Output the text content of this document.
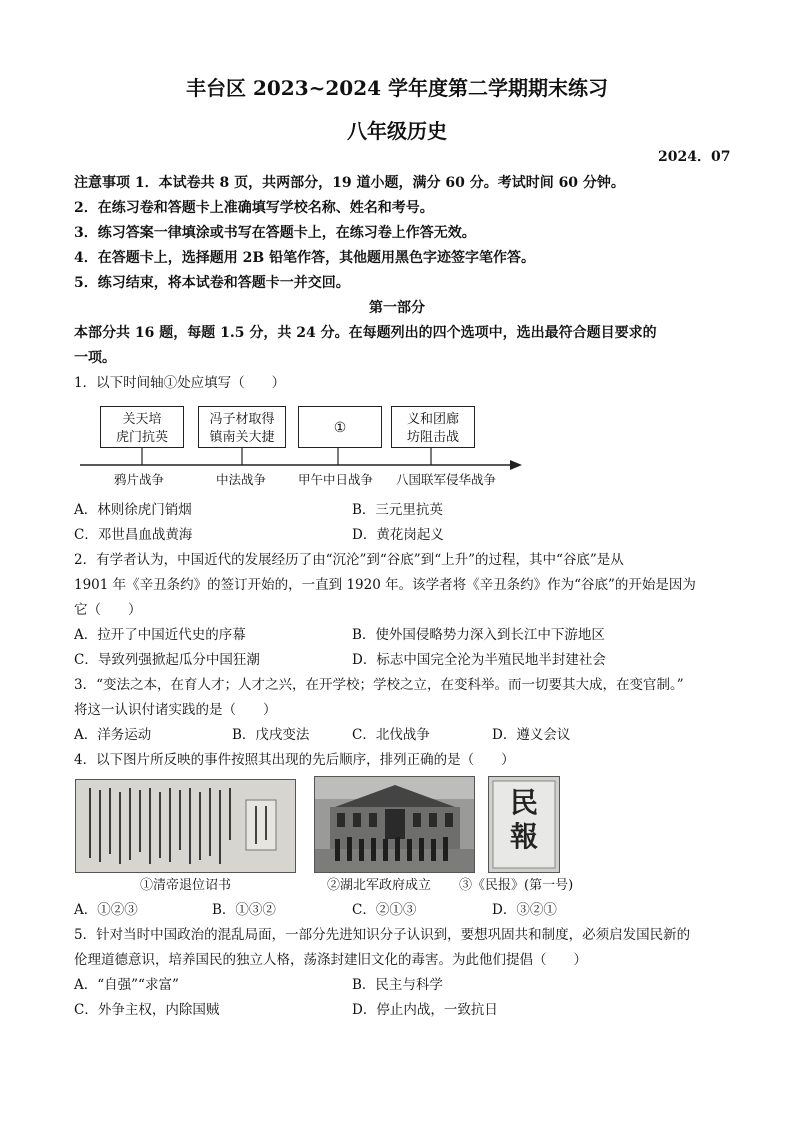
丰台区 2023~2024 学年度第二学期期末练习
八年级历史
2024．07
注意事项 1．本试卷共 8 页，共两部分，19 道小题，满分 60 分。考试时间 60 分钟。
2．在练习卷和答题卡上准确填写学校名称、姓名和考号。
3．练习答案一律填涂或书写在答题卡上，在练习卷上作答无效。
4．在答题卡上，选择题用 2B 铅笔作答，其他题用黑色字迹签字笔作答。
5．练习结束，将本试卷和答题卡一并交回。
第一部分
本部分共 16 题，每题 1.5 分，共 24 分。在每题列出的四个选项中，选出最符合题目要求的
一项。
1．以下时间轴①处应填写（　　）
关天培
虎门抗英
冯子材取得
镇南关大捷
①
义和团廊
坊阻击战
鸦片战争	中法战争	甲午中日战争 八国联军侵华战争
A．林则徐虎门销烟	B．三元里抗英
C．邓世昌血战黄海	D．黄花岗起义
2．有学者认为，中国近代的发展经历了由“沉沦”到“谷底”到“上升”的过程，其中“谷底”是从
1901 年《辛丑条约》的签订开始的，一直到 1920 年。该学者将《辛丑条约》作为“谷底”的开始是因为
它（　　）
A．拉开了中国近代史的序幕	B．使外国侵略势力深入到长江中下游地区
C．导致列强掀起瓜分中国狂潮	D．标志中国完全沦为半殖民地半封建社会
3．“变法之本，在育人才；人才之兴，在开学校；学校之立，在变科举。而一切要其大成，在变官制。”
将这一认识付诸实践的是（　　）
A．洋务运动	B．戊戌变法	C．北伐战争	D．遵义会议
4．以下图片所反映的事件按照其出现的先后顺序，排列正确的是（　　）
民
報
①清帝退位诏书	②湖北军政府成立 ③《民报》(第一号)
A．①②③	B．①③②	C．②①③	D．③②①
5．针对当时中国政治的混乱局面，一部分先进知识分子认识到，要想巩固共和制度，必须启发国民新的
伦理道德意识，培养国民的独立人格，荡涤封建旧文化的毒害。为此他们提倡（　　）
A．“自强”“求富”	B．民主与科学
C．外争主权，内除国贼	D．停止内战，一致抗日
